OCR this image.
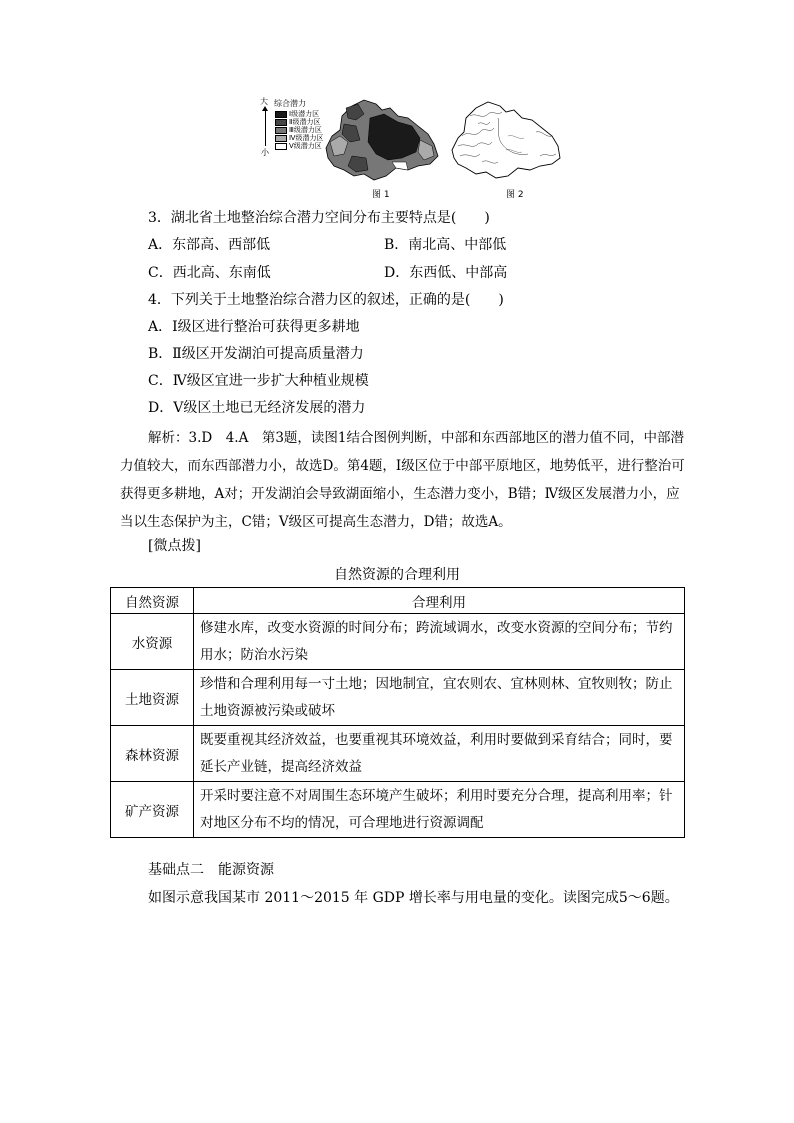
大
小
综合潜力
Ⅰ级潜力区
Ⅱ级潜力区
Ⅲ级潜力区
Ⅳ级潜力区
Ⅴ级潜力区
图 1	图 2
3．湖北省土地整治综合潜力空间分布主要特点是(　　)
A．东部高、西部低	B．南北高、中部低
C．西北高、东南低	D．东西低、中部高
4．下列关于土地整治综合潜力区的叙述，正确的是(　　)
A．Ⅰ级区进行整治可获得更多耕地
B．Ⅱ级区开发湖泊可提高质量潜力
C．Ⅳ级区宜进一步扩大种植业规模
D．Ⅴ级区土地已无经济发展的潜力
解析：3.D　4.A　第3题，读图1结合图例判断，中部和东西部地区的潜力值不同，中部潜力值较大，而东西部潜力小，故选D。第4题，Ⅰ级区位于中部平原地区，地势低平，进行整治可获得更多耕地，A对；开发湖泊会导致湖面缩小，生态潜力变小，B错；Ⅳ级区发展潜力小，应当以生态保护为主，C错；Ⅴ级区可提高生态潜力，D错；故选A。
[微点拨]
自然资源的合理利用
自然资源	合理利用
水资源	修建水库，改变水资源的时间分布；跨流域调水，改变水资源的空间分布；节约用水；防治水污染
土地资源	珍惜和合理利用每一寸土地；因地制宜，宜农则农、宜林则林、宜牧则牧；防止土地资源被污染或破坏
森林资源	既要重视其经济效益，也要重视其环境效益，利用时要做到采育结合；同时，要延长产业链，提高经济效益
矿产资源	开采时要注意不对周围生态环境产生破坏；利用时要充分合理，提高利用率；针对地区分布不均的情况，可合理地进行资源调配
基础点二　能源资源
如图示意我国某市 2011～2015 年 GDP 增长率与用电量的变化。读图完成5～6题。
